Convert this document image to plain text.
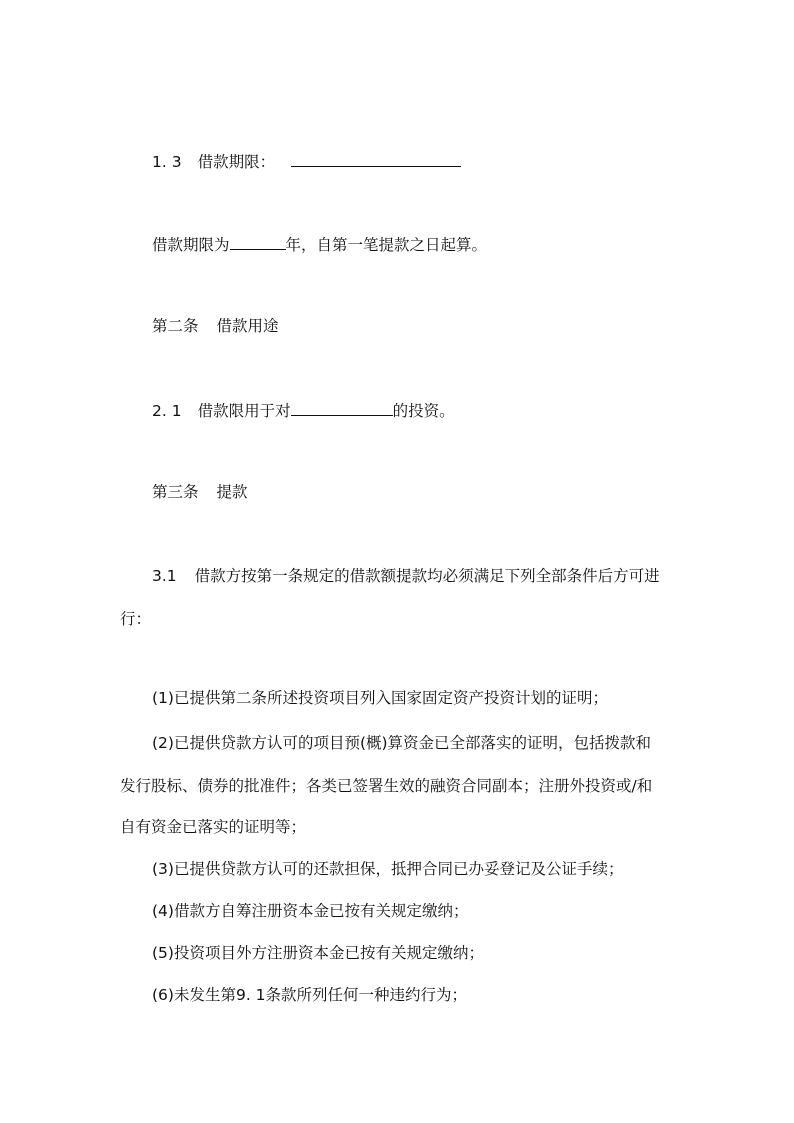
1. 3 借款期限：
借款期限为	年，自第一笔提款之日起算。
第二条 借款用途
2. 1 借款限用于对	的投资。
第三条 提款
3.1 借款方按第一条规定的借款额提款均必须满足下列全部条件后方可进
行：
(1)已提供第二条所述投资项目列入国家固定资产投资计划的证明；
(2)已提供贷款方认可的项目预(概)算资金已全部落实的证明，包括拨款和
发行股标、债券的批准件；各类已签署生效的融资合同副本；注册外投资或/和
自有资金已落实的证明等；
(3)已提供贷款方认可的还款担保，抵押合同已办妥登记及公证手续；
(4)借款方自筹注册资本金已按有关规定缴纳；
(5)投资项目外方注册资本金已按有关规定缴纳；
(6)未发生第9. 1条款所列任何一种违约行为；
